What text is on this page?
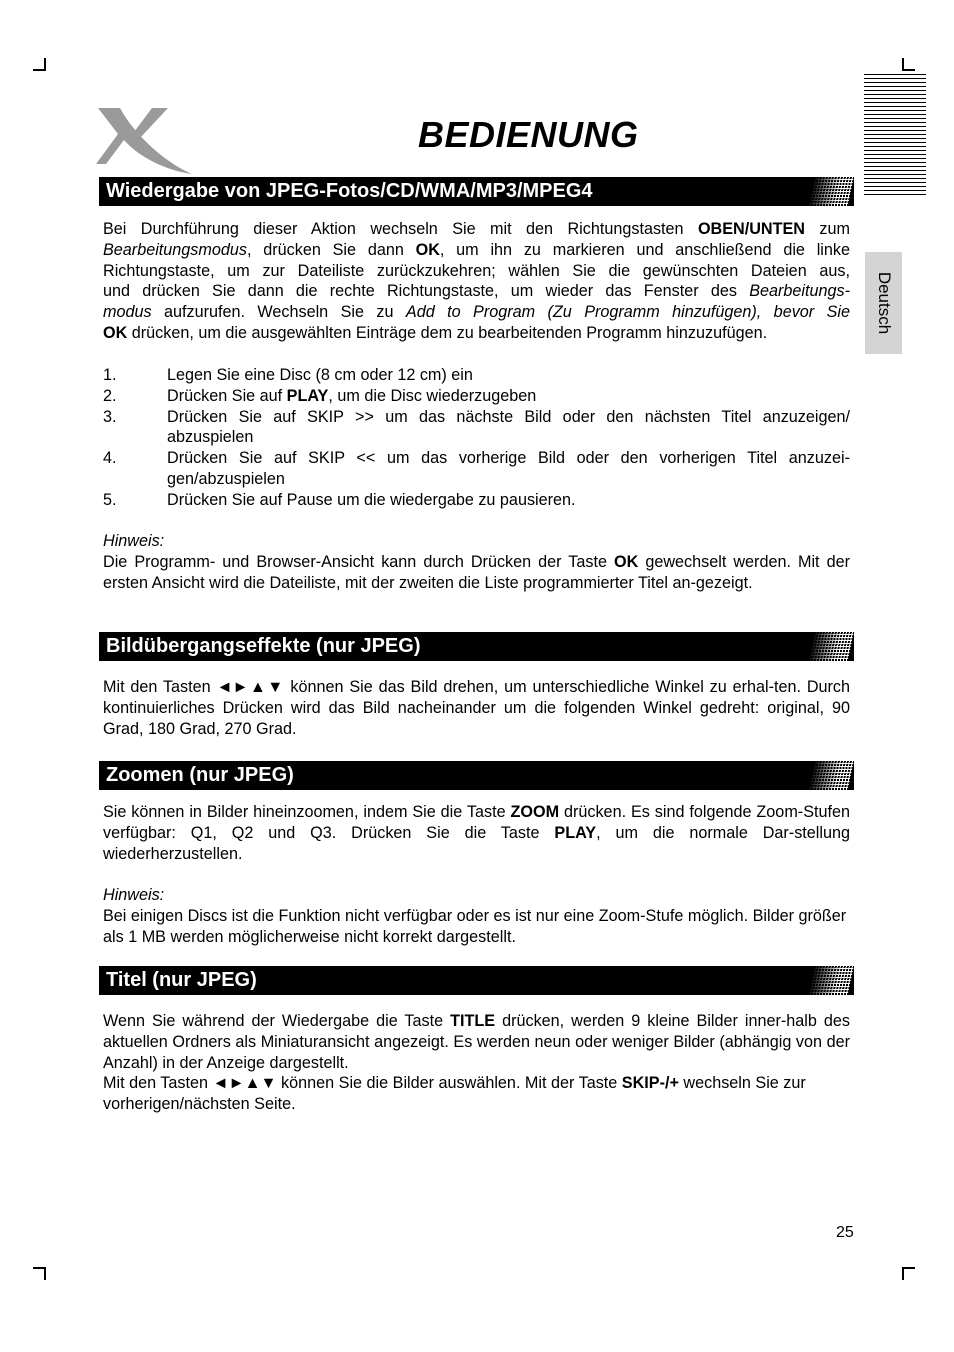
BEDIENUNG
Deutsch
Wiedergabe von JPEG-Fotos/CD/WMA/MP3/MPEG4
Bei Durchführung dieser Aktion wechseln Sie mit den Richtungstasten OBEN/UNTEN zum
Bearbeitungsmodus, drücken Sie dann OK, um ihn zu markieren und anschließend die linke
Richtungstaste, um zur Dateiliste zurückzukehren; wählen Sie die gewünschten Dateien aus,
und drücken Sie dann die rechte Richtungstaste, um wieder das Fenster des Bearbeitungs-
modus aufzurufen. Wechseln Sie zu Add to Program (Zu Programm hinzufügen), bevor Sie
OK drücken, um die ausgewählten Einträge dem zu bearbeitenden Programm hinzuzufügen.
1.	Legen Sie eine Disc (8 cm oder 12 cm) ein
2.	Drücken Sie auf PLAY, um die Disc wiederzugeben
3.	Drücken Sie auf SKIP >> um das nächste Bild oder den nächsten Titel anzuzeigen/ abzuspielen
4.	Drücken Sie auf SKIP << um das vorherige Bild oder den vorherigen Titel anzuzei-gen/abzuspielen
5.	Drücken Sie auf Pause um die wiedergabe zu pausieren.
Hinweis:

Die Programm- und Browser-Ansicht kann durch Drücken der Taste OK gewechselt werden. Mit der ersten Ansicht wird die Dateiliste, mit der zweiten die Liste programmierter Titel an-gezeigt.

Bildübergangseffekte (nur JPEG)

Mit den Tasten ◄►▲▼ können Sie das Bild drehen, um unterschiedliche Winkel zu erhal-ten. Durch kontinuierliches Drücken wird das Bild nacheinander um die folgenden Winkel gedreht: original, 90 Grad, 180 Grad, 270 Grad.

Zoomen (nur JPEG)

Sie können in Bilder hineinzoomen, indem Sie die Taste ZOOM drücken. Es sind folgende Zoom-Stufen verfügbar: Q1, Q2 und Q3. Drücken Sie die Taste PLAY, um die normale Dar-stellung wiederherzustellen.

Hinweis:

Bei einigen Discs ist die Funktion nicht verfügbar oder es ist nur eine Zoom-Stufe möglich. Bilder größer als 1 MB werden möglicherweise nicht korrekt dargestellt.

Titel (nur JPEG)

Wenn Sie während der Wiedergabe die Taste TITLE drücken, werden 9 kleine Bilder inner-halb des aktuellen Ordners als Miniaturansicht angezeigt. Es werden neun oder weniger Bilder (abhängig von der Anzahl) in der Anzeige dargestellt.

Mit den Tasten ◄►▲▼ können Sie die Bilder auswählen. Mit der Taste SKIP-/+ wechseln Sie zur vorherigen/nächsten Seite.

25
